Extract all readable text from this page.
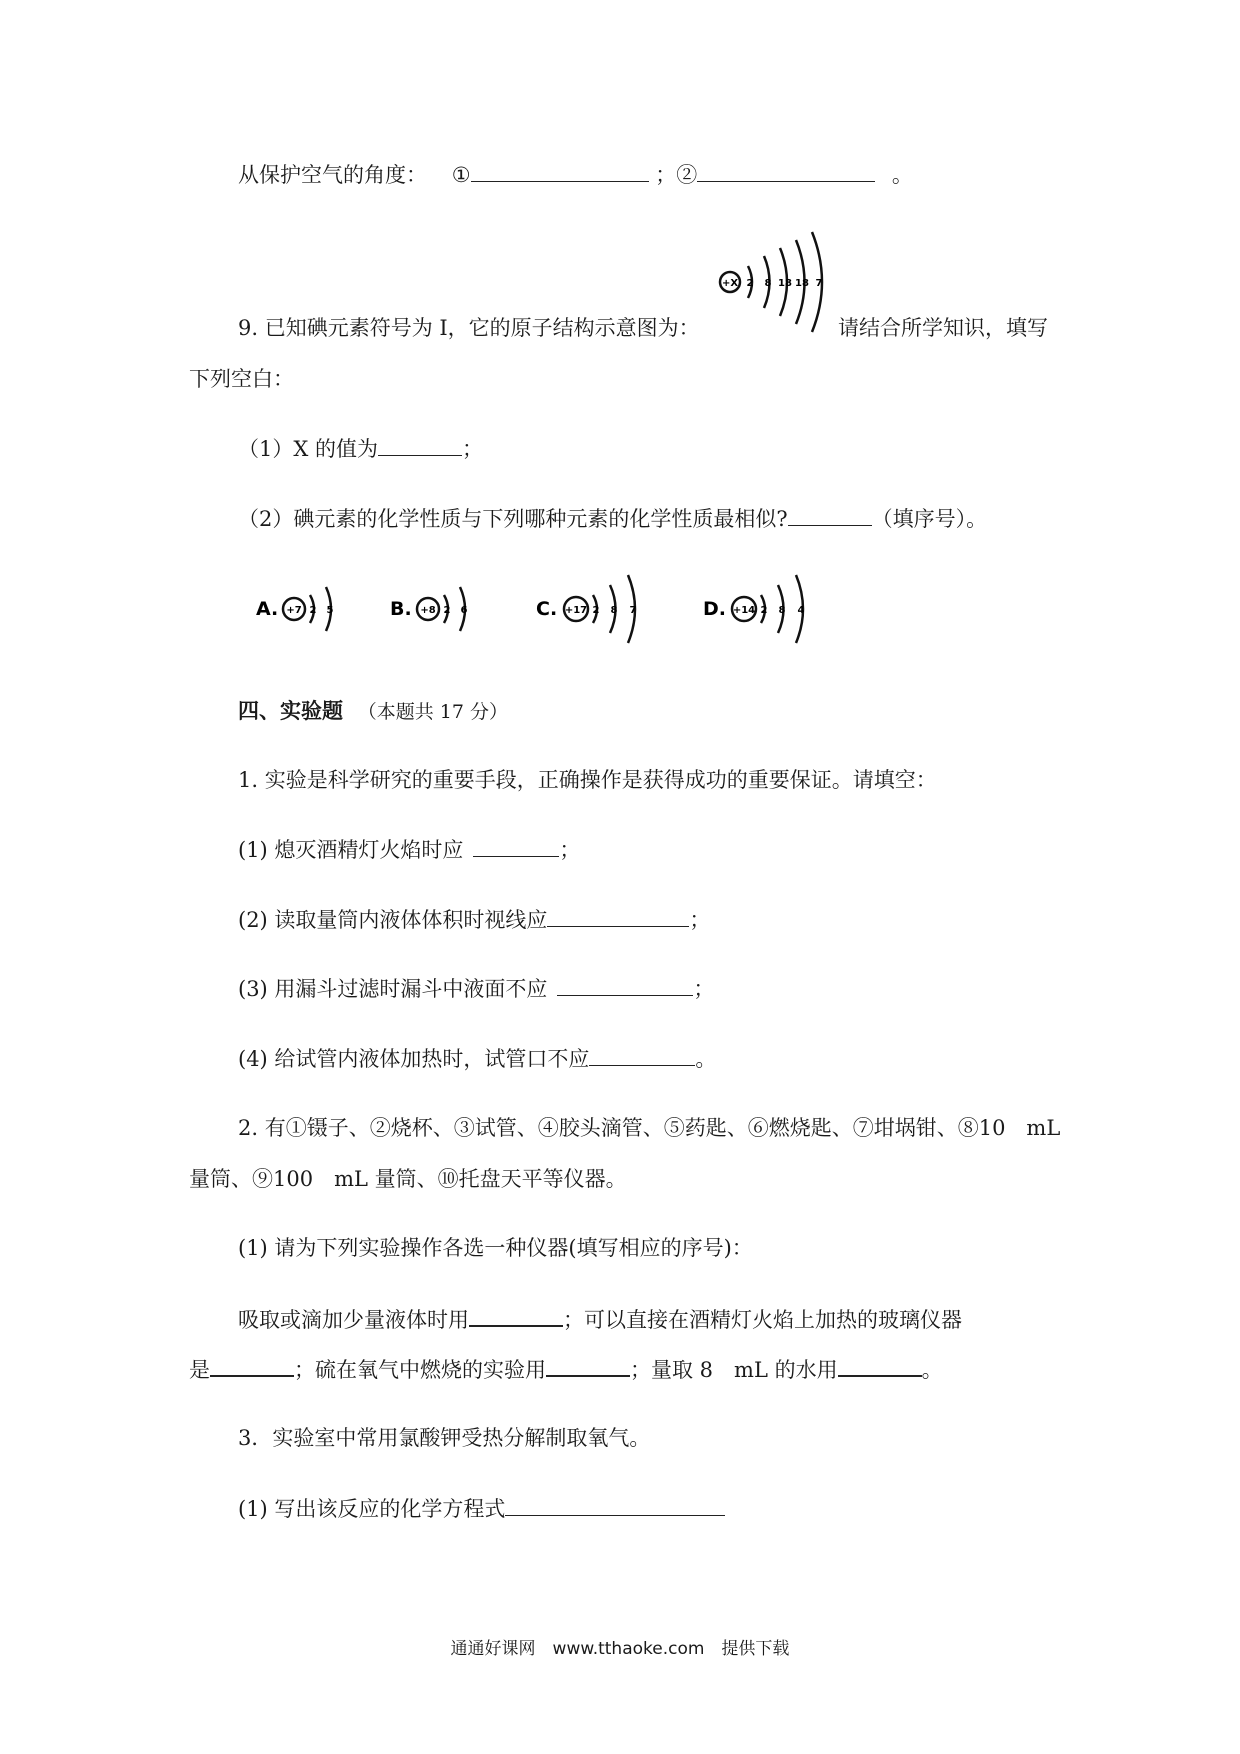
从保护空气的角度： ①	；②	。
9. 已知碘元素符号为 I，它的原子结构示意图为：
+X 2 8 18 18 7
请结合所学知识，填写
下列空白：
（1）X 的值为	；
（2）碘元素的化学性质与下列哪种元素的化学性质最相似?	（填序号）。
A. +7 2 5	B. +8 2 6	C. +17 2 8 7	D. +14 2 8 4
四、实验题 （本题共 17 分）
1. 实验是科学研究的重要手段，正确操作是获得成功的重要保证。请填空：
(1) 熄灭酒精灯火焰时应	；
(2) 读取量筒内液体体积时视线应	；
(3) 用漏斗过滤时漏斗中液面不应	；
(4) 给试管内液体加热时，试管口不应	。
2. 有①镊子、②烧杯、③试管、④胶头滴管、⑤药匙、⑥燃烧匙、⑦坩埚钳、⑧10　mL
量筒、⑨100　mL 量筒、⑩托盘天平等仪器。
(1) 请为下列实验操作各选一种仪器(填写相应的序号)：
吸取或滴加少量液体时用	；可以直接在酒精灯火焰上加热的玻璃仪器
是	；硫在氧气中燃烧的实验用	；量取 8　mL 的水用	。
3．实验室中常用氯酸钾受热分解制取氧气。
(1) 写出该反应的化学方程式
通通好课网　www.tthaoke.com　提供下载
